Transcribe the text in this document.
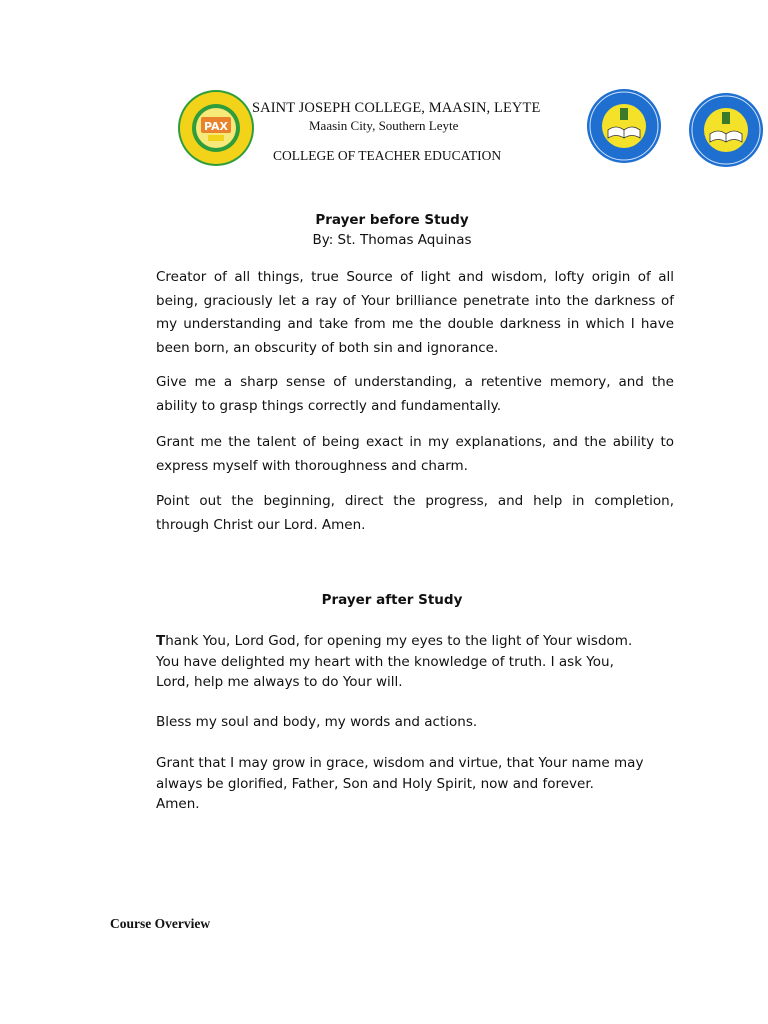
PAX
SAINT JOSEPH COLLEGE, MAASIN, LEYTE
Maasin City, Southern Leyte
COLLEGE OF TEACHER EDUCATION
Prayer before Study
By: St. Thomas Aquinas
Creator of all things, true Source of light and wisdom, lofty origin of all being, graciously let a ray of Your brilliance penetrate into the darkness of my understanding and take from me the double darkness in which I have been born, an obscurity of both sin and ignorance.
Give me a sharp sense of understanding, a retentive memory, and the ability to grasp things correctly and fundamentally.
Grant me the talent of being exact in my explanations, and the ability to express myself with thoroughness and charm.
Point out the beginning, direct the progress, and help in completion, through Christ our Lord. Amen.
Prayer after Study
Thank You, Lord God, for opening my eyes to the light of Your wisdom.
You have delighted my heart with the knowledge of truth. I ask You,
Lord, help me always to do Your will.
Bless my soul and body, my words and actions.
Grant that I may grow in grace, wisdom and virtue, that Your name may
always be glorified, Father, Son and Holy Spirit, now and forever.
Amen.
Course Overview
